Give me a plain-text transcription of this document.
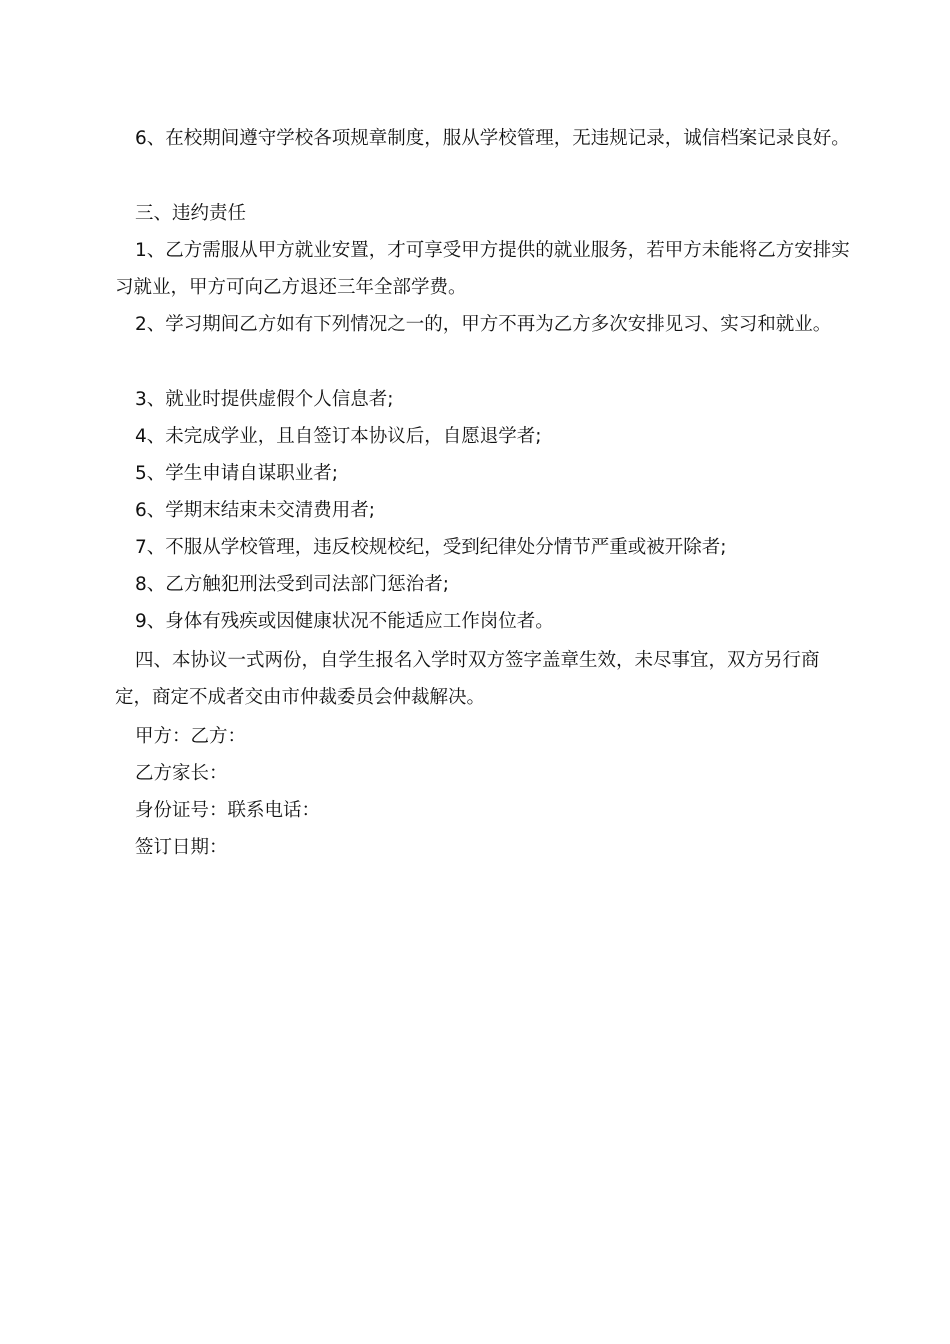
6、在校期间遵守学校各项规章制度，服从学校管理，无违规记录，诚信档案记录良好。

三、违约责任

1、乙方需服从甲方就业安置，才可享受甲方提供的就业服务，若甲方未能将乙方安排实习就业，甲方可向乙方退还三年全部学费。

2、学习期间乙方如有下列情况之一的，甲方不再为乙方多次安排见习、实习和就业。

3、就业时提供虚假个人信息者;

4、未完成学业，且自签订本协议后，自愿退学者;

5、学生申请自谋职业者;

6、学期末结束未交清费用者;

7、不服从学校管理，违反校规校纪，受到纪律处分情节严重或被开除者;

8、乙方触犯刑法受到司法部门惩治者;

9、身体有残疾或因健康状况不能适应工作岗位者。

四、本协议一式两份，自学生报名入学时双方签字盖章生效，未尽事宜，双方另行商定，商定不成者交由市仲裁委员会仲裁解决。

甲方：乙方：

乙方家长：

身份证号：联系电话：

签订日期：
